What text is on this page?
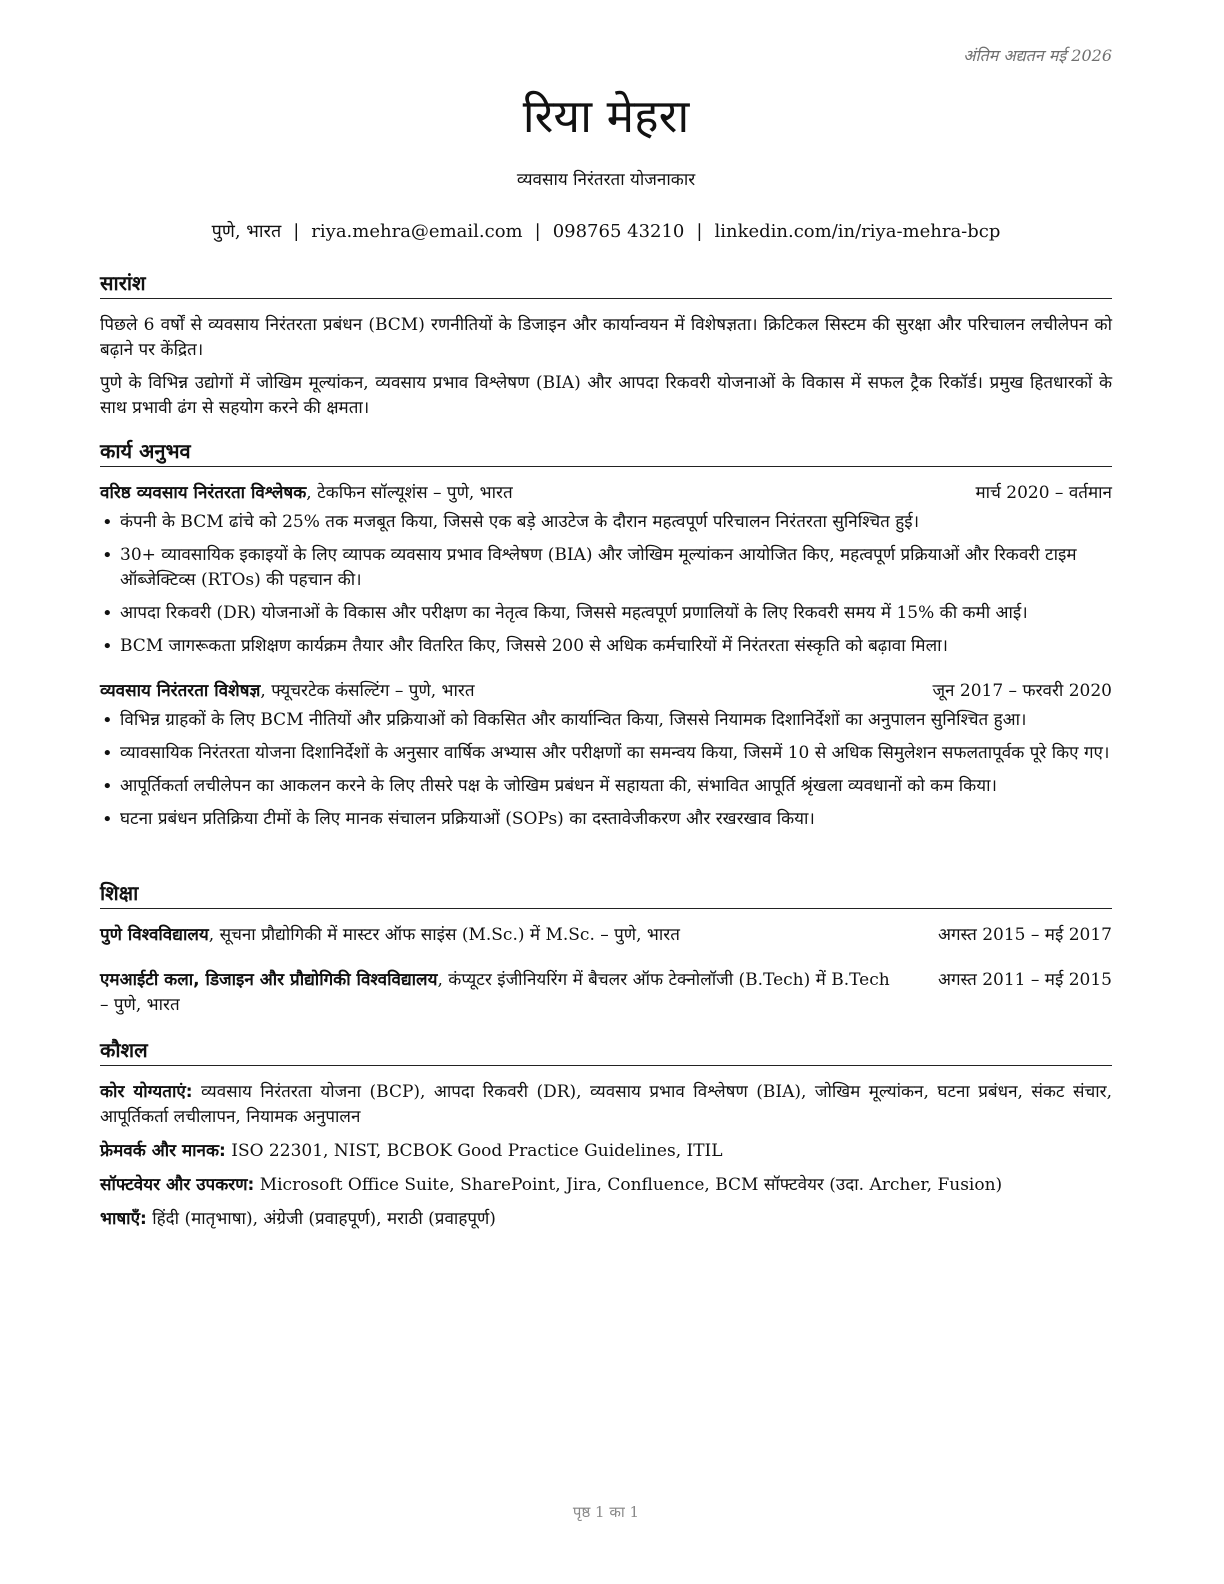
अंतिम अद्यतन मई 2026
रिया मेहरा
व्यवसाय निरंतरता योजनाकार
पुणे, भारत | riya.mehra@email.com | 098765 43210 | linkedin.com/in/riya-mehra-bcp
सारांश

पिछले 6 वर्षों से व्यवसाय निरंतरता प्रबंधन (BCM) रणनीतियों के डिजाइन और कार्यान्वयन में विशेषज्ञता। क्रिटिकल सिस्टम की सुरक्षा और परिचालन लचीलेपन को बढ़ाने पर केंद्रित।

पुणे के विभिन्न उद्योगों में जोखिम मूल्यांकन, व्यवसाय प्रभाव विश्लेषण (BIA) और आपदा रिकवरी योजनाओं के विकास में सफल ट्रैक रिकॉर्ड। प्रमुख हितधारकों के साथ प्रभावी ढंग से सहयोग करने की क्षमता।

कार्य अनुभव
वरिष्ठ व्यवसाय निरंतरता विश्लेषक, टेकफिन सॉल्यूशंस – पुणे, भारत	मार्च 2020 – वर्तमान
• कंपनी के BCM ढांचे को 25% तक मजबूत किया, जिससे एक बड़े आउटेज के दौरान महत्वपूर्ण परिचालन निरंतरता सुनिश्चित हुई।
• 30+ व्यावसायिक इकाइयों के लिए व्यापक व्यवसाय प्रभाव विश्लेषण (BIA) और जोखिम मूल्यांकन आयोजित किए, महत्वपूर्ण प्रक्रियाओं और रिकवरी टाइम ऑब्जेक्टिव्स (RTOs) की पहचान की।
• आपदा रिकवरी (DR) योजनाओं के विकास और परीक्षण का नेतृत्व किया, जिससे महत्वपूर्ण प्रणालियों के लिए रिकवरी समय में 15% की कमी आई।
• BCM जागरूकता प्रशिक्षण कार्यक्रम तैयार और वितरित किए, जिससे 200 से अधिक कर्मचारियों में निरंतरता संस्कृति को बढ़ावा मिला।
व्यवसाय निरंतरता विशेषज्ञ, फ्यूचरटेक कंसल्टिंग – पुणे, भारत	जून 2017 – फरवरी 2020
• विभिन्न ग्राहकों के लिए BCM नीतियों और प्रक्रियाओं को विकसित और कार्यान्वित किया, जिससे नियामक दिशानिर्देशों का अनुपालन सुनिश्चित हुआ।
• व्यावसायिक निरंतरता योजना दिशानिर्देशों के अनुसार वार्षिक अभ्यास और परीक्षणों का समन्वय किया, जिसमें 10 से अधिक सिमुलेशन सफलतापूर्वक पूरे किए गए।
• आपूर्तिकर्ता लचीलेपन का आकलन करने के लिए तीसरे पक्ष के जोखिम प्रबंधन में सहायता की, संभावित आपूर्ति श्रृंखला व्यवधानों को कम किया।
• घटना प्रबंधन प्रतिक्रिया टीमों के लिए मानक संचालन प्रक्रियाओं (SOPs) का दस्तावेजीकरण और रखरखाव किया।
शिक्षा
पुणे विश्वविद्यालय, सूचना प्रौद्योगिकी में मास्टर ऑफ साइंस (M.Sc.) में M.Sc. – पुणे, भारत	अगस्त 2015 – मई 2017
एमआईटी कला, डिजाइन और प्रौद्योगिकी विश्वविद्यालय, कंप्यूटर इंजीनियरिंग में बैचलर ऑफ टेक्नोलॉजी (B.Tech) में B.Tech – पुणे, भारत
अगस्त 2011 – मई 2015
कौशल
कोर योग्यताएं: व्यवसाय निरंतरता योजना (BCP), आपदा रिकवरी (DR), व्यवसाय प्रभाव विश्लेषण (BIA), जोखिम मूल्यांकन, घटना प्रबंधन, संकट संचार, आपूर्तिकर्ता लचीलापन, नियामक अनुपालन
फ्रेमवर्क और मानक: ISO 22301, NIST, BCBOK Good Practice Guidelines, ITIL
सॉफ्टवेयर और उपकरण: Microsoft Office Suite, SharePoint, Jira, Confluence, BCM सॉफ्टवेयर (उदा. Archer, Fusion)
भाषाएँ: हिंदी (मातृभाषा), अंग्रेजी (प्रवाहपूर्ण), मराठी (प्रवाहपूर्ण)
पृष्ठ 1 का 1
